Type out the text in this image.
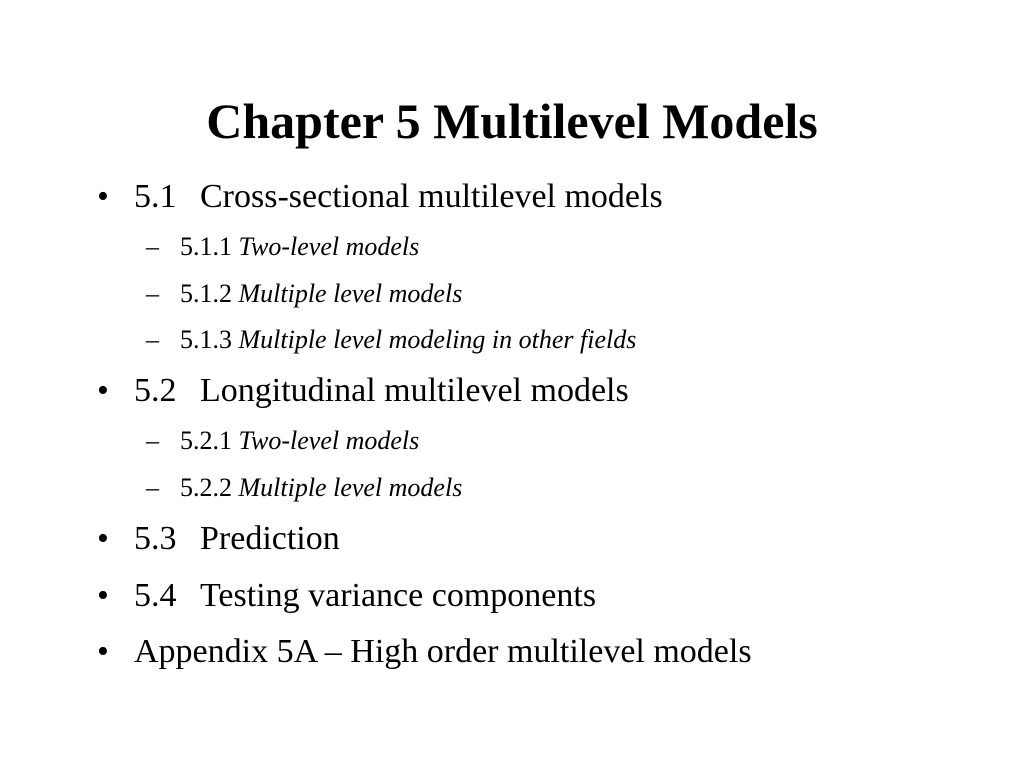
Chapter 5 Multilevel Models
• 5.1 Cross-sectional multilevel models
– 5.1.1 Two-level models
– 5.1.2 Multiple level models
– 5.1.3 Multiple level modeling in other fields
• 5.2 Longitudinal multilevel models
– 5.2.1 Two-level models
– 5.2.2 Multiple level models
• 5.3 Prediction
• 5.4 Testing variance components
• Appendix 5A – High order multilevel models
